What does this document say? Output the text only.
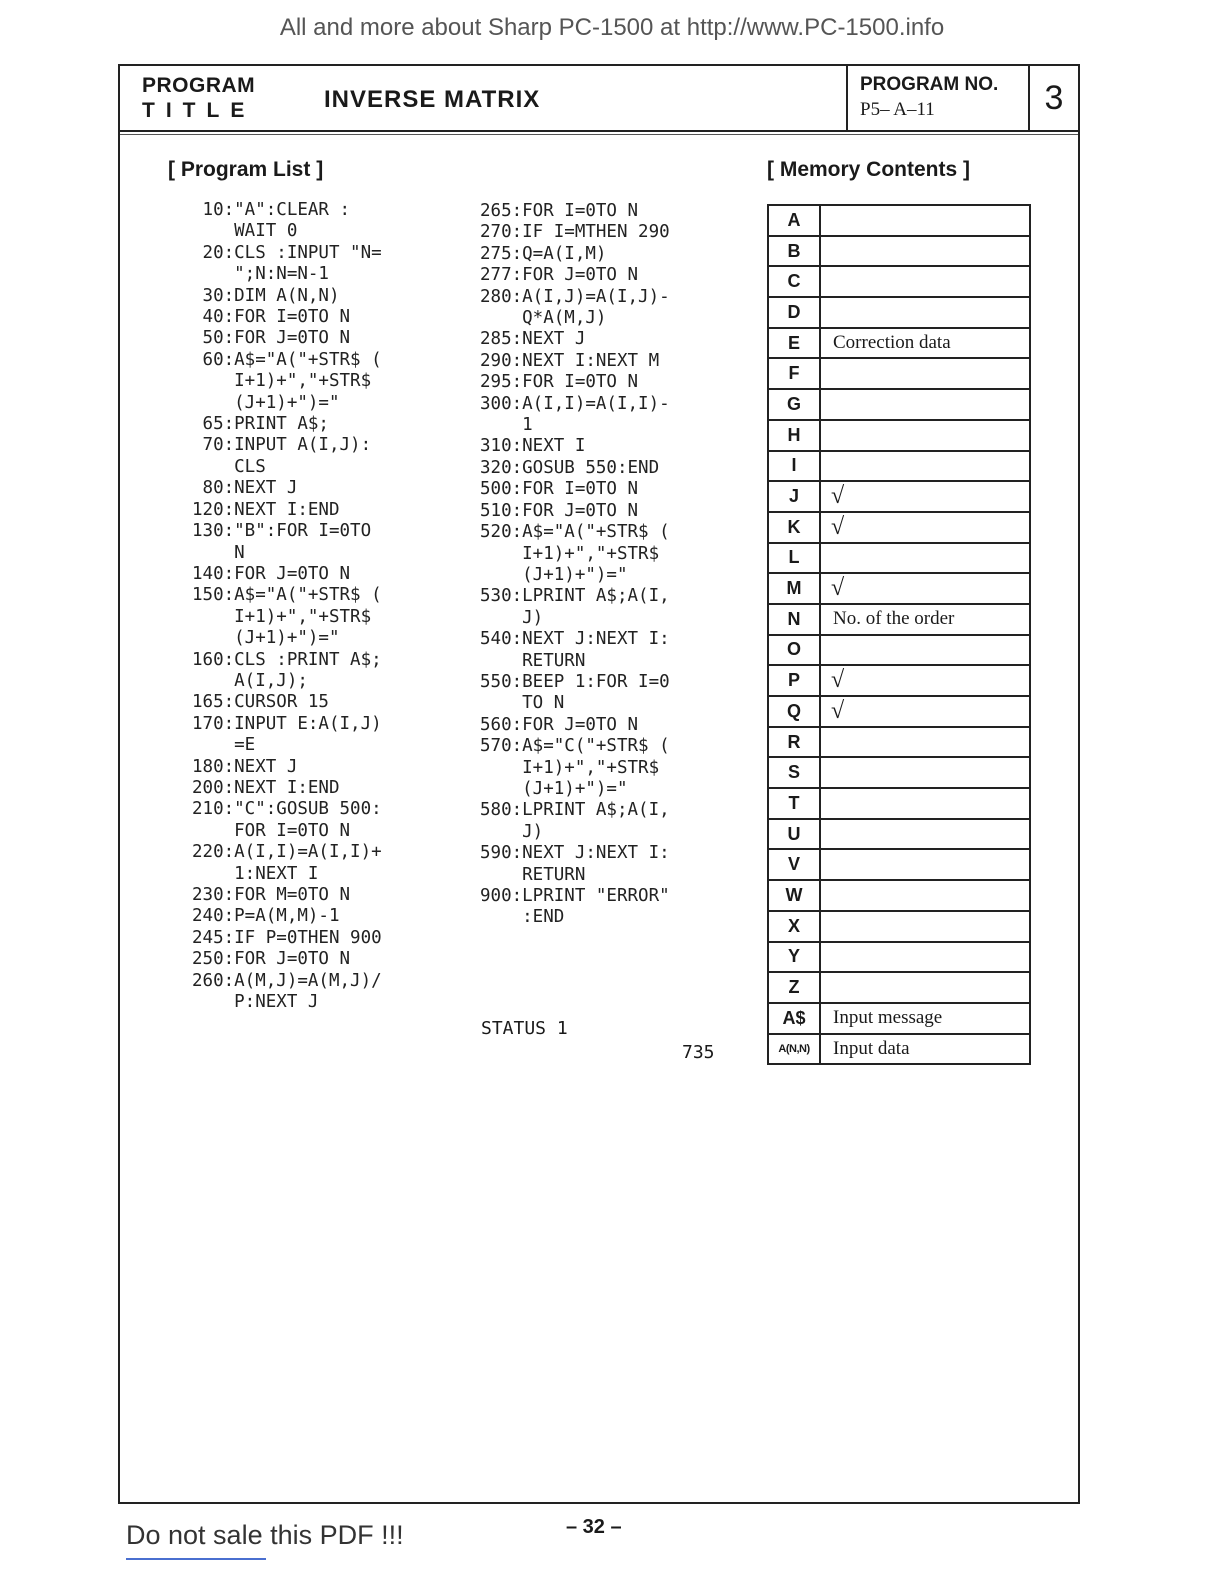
All and more about Sharp PC-1500 at http://www.PC-1500.info
PROGRAM
TITLE	INVERSE MATRIX
PROGRAM NO.
P5– A–11	3
[ Program List ]	[ Memory Contents ]
10:"A":CLEAR :
WAIT 0
20:CLS :INPUT "N=
";N:N=N-1
30:DIM A(N,N)
40:FOR I=0TO N
50:FOR J=0TO N
60:A$="A("+STR$ (
I+1)+","+STR$
(J+1)+")="
65:PRINT A$;
70:INPUT A(I,J):
CLS
80:NEXT J
120:NEXT I:END
130:"B":FOR I=0TO
N
140:FOR J=0TO N
150:A$="A("+STR$ (
I+1)+","+STR$
(J+1)+")="
160:CLS :PRINT A$;
A(I,J);
165:CURSOR 15
170:INPUT E:A(I,J)
=E
180:NEXT J
200:NEXT I:END
210:"C":GOSUB 500:
FOR I=0TO N
220:A(I,I)=A(I,I)+
1:NEXT I
230:FOR M=0TO N
240:P=A(M,M)-1
245:IF P=0THEN 900
250:FOR J=0TO N
260:A(M,J)=A(M,J)/
P:NEXT J

265:FOR I=0TO N
270:IF I=MTHEN 290
275:Q=A(I,M)
277:FOR J=0TO N
280:A(I,J)=A(I,J)-
Q*A(M,J)
285:NEXT J
290:NEXT I:NEXT M
295:FOR I=0TO N
300:A(I,I)=A(I,I)-
1
310:NEXT I
320:GOSUB 550:END
500:FOR I=0TO N
510:FOR J=0TO N
520:A$="A("+STR$ (
I+1)+","+STR$
(J+1)+")="
530:LPRINT A$;A(I,
J)
540:NEXT J:NEXT I:
RETURN
550:BEEP 1:FOR I=0
TO N
560:FOR J=0TO N
570:A$="C("+STR$ (
I+1)+","+STR$
(J+1)+")="
580:LPRINT A$;A(I,
J)
590:NEXT J:NEXT I:
RETURN
900:LPRINT "ERROR"
:END

STATUS 1
735
A	
B	
C	
D	
E	Correction data
F	
G	
H	
I	
J	√
K	√
L	
M	√
N	No. of the order
O	
P	√
Q	√
R	
S	
T	
U	
V	
W	
X	
Y	
Z	
A$	Input message
A(N,N)	Input data
Do not sale this PDF !!!	– 32 –
